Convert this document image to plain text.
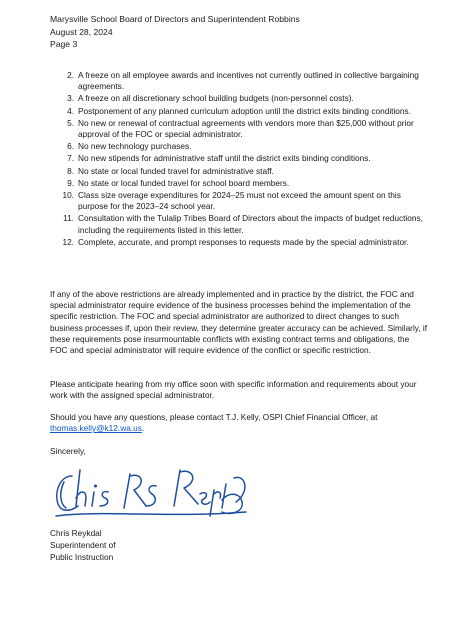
Marysville School Board of Directors and Superintendent Robbins
August 28, 2024
Page 3
2. A freeze on all employee awards and incentives not currently outlined in collective bargaining agreements.
3. A freeze on all discretionary school building budgets (non-personnel costs).
4. Postponement of any planned curriculum adoption until the district exits binding conditions.
5. No new or renewal of contractual agreements with vendors more than $25,000 without prior approval of the FOC or special administrator.
6. No new technology purchases.
7. No new stipends for administrative staff until the district exits binding conditions.
8. No state or local funded travel for administrative staff.
9. No state or local funded travel for school board members.
10. Class size overage expenditures for 2024–25 must not exceed the amount spent on this purpose for the 2023–24 school year.
11. Consultation with the Tulalip Tribes Board of Directors about the impacts of budget reductions, including the requirements listed in this letter.
12. Complete, accurate, and prompt responses to requests made by the special administrator.

If any of the above restrictions are already implemented and in practice by the district, the FOC and special administrator require evidence of the business processes behind the implementation of the specific restriction. The FOC and special administrator are authorized to direct changes to such business processes if, upon their review, they determine greater accuracy can be achieved. Similarly, if these requirements pose insurmountable conflicts with existing contract terms and obligations, the FOC and special administrator will require evidence of the conflict or specific restriction.

Please anticipate hearing from my office soon with specific information and requirements about your work with the assigned special administrator.

Should you have any questions, please contact T.J. Kelly, OSPI Chief Financial Officer, at thomas.kelly@k12.wa.us.

Sincerely,

Chris Reykdal
Superintendent of
Public Instruction
